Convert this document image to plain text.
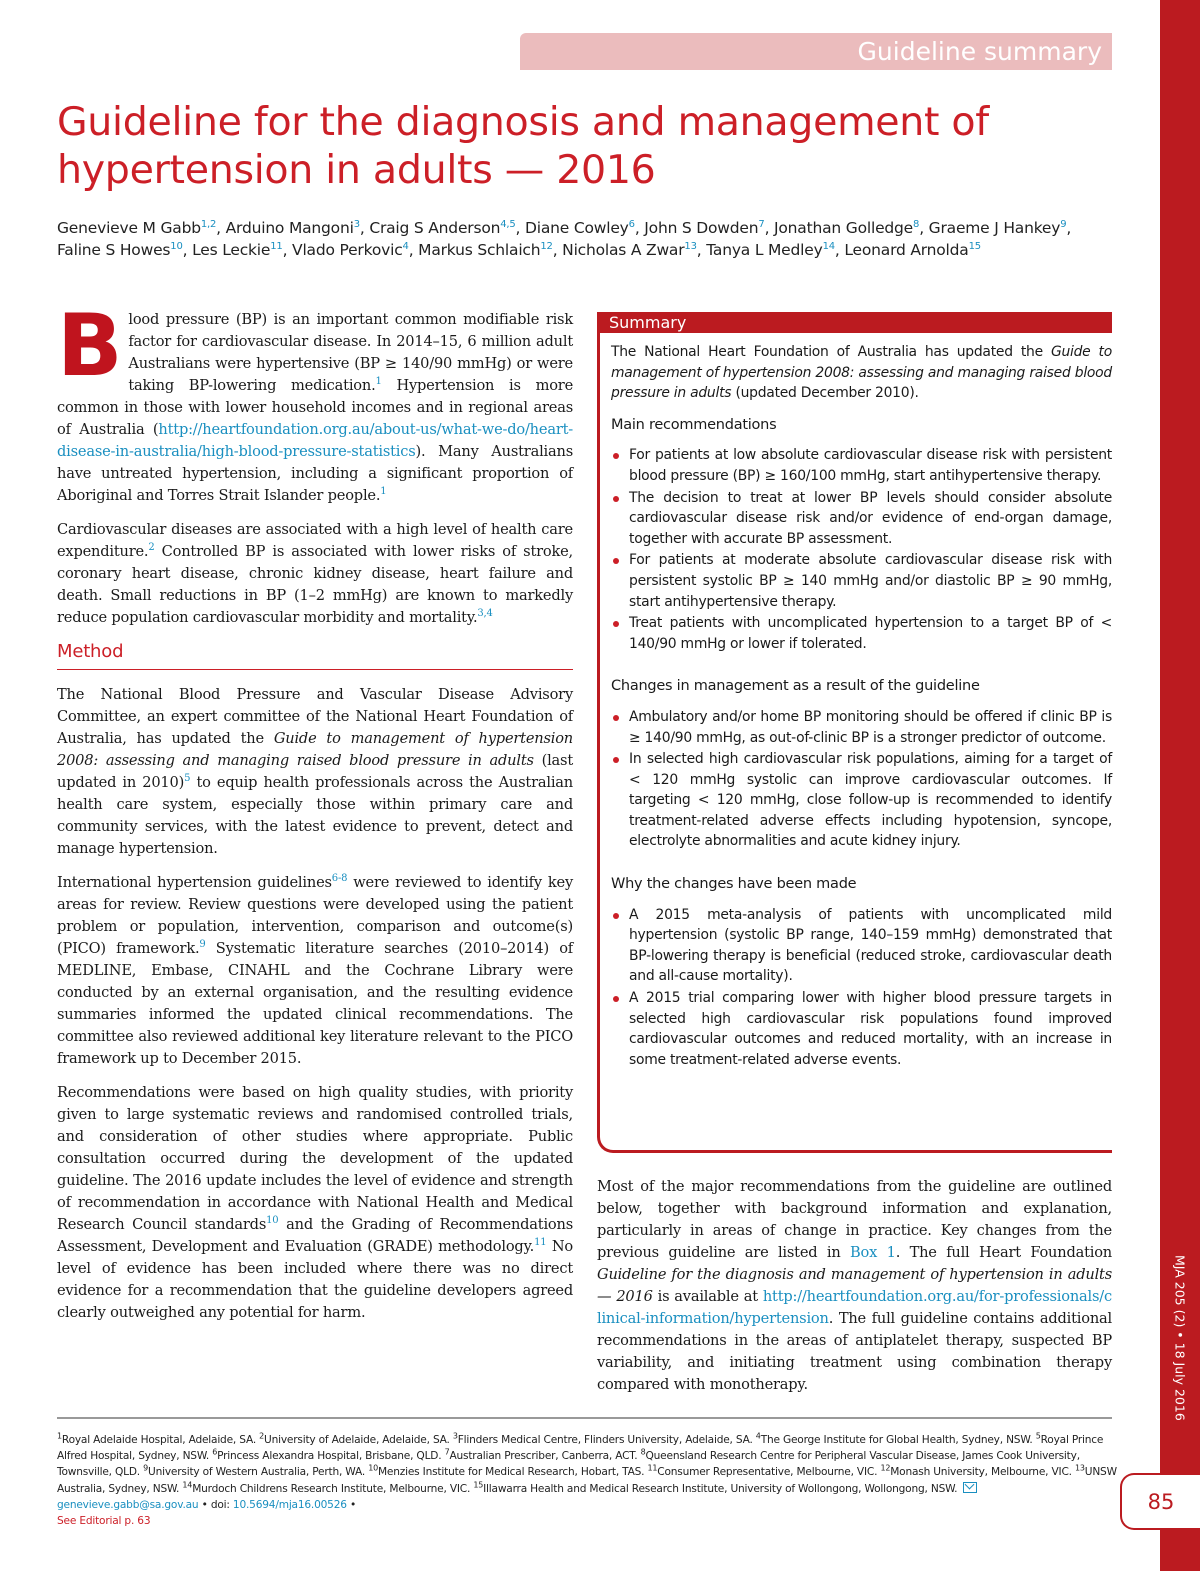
Guideline summary
MJA 205 (2) • 18 July 2016
85
Guideline for the diagnosis and management of hypertension in adults — 2016
Genevieve M Gabb$^{1,2}$, Arduino Mangoni$^3$, Craig S Anderson$^{4,5}$, Diane Cowley$^6$, John S Dowden$^7$, Jonathan Golledge$^8$, Graeme J Hankey$^9$, Faline S Howes$^{10}$, Les Leckie$^{11}$, Vlado Perkovic$^4$, Markus Schlaich$^{12}$, Nicholas A Zwar$^{13}$, Tanya L Medley$^{14}$, Leonard Arnolda$^{15}$

Blood pressure (BP) is an important common modifiable risk factor for cardiovascular disease. In 2014–15, 6 million adult Australians were hypertensive (BP ≥ 140/90 mmHg) or were taking BP-lowering medication.$^1$ Hypertension is more common in those with lower household incomes and in regional areas of Australia (http://heartfoundation.org.au/about-us/what-we-do/heart-disease-in-australia/high-blood-pressure-statistics). Many Australians have untreated hypertension, including a significant proportion of Aboriginal and Torres Strait Islander people.$^1$

Cardiovascular diseases are associated with a high level of health care expenditure.$^2$ Controlled BP is associated with lower risks of stroke, coronary heart disease, chronic kidney disease, heart failure and death. Small reductions in BP (1–2 mmHg) are known to markedly reduce population cardiovascular morbidity and mortality.$^{3,4}$

Method

The National Blood Pressure and Vascular Disease Advisory Committee, an expert committee of the National Heart Foundation of Australia, has updated the Guide to management of hypertension 2008: assessing and managing raised blood pressure in adults (last updated in 2010)$^5$ to equip health professionals across the Australian health care system, especially those within primary care and community services, with the latest evidence to prevent, detect and manage hypertension.

International hypertension guidelines$^{6-8}$ were reviewed to identify key areas for review. Review questions were developed using the patient problem or population, intervention, comparison and outcome(s) (PICO) framework.$^9$ Systematic literature searches (2010–2014) of MEDLINE, Embase, CINAHL and the Cochrane Library were conducted by an external organisation, and the resulting evidence summaries informed the updated clinical recommendations. The committee also reviewed additional key literature relevant to the PICO framework up to December 2015.

Recommendations were based on high quality studies, with priority given to large systematic reviews and randomised controlled trials, and consideration of other studies where appropriate. Public consultation occurred during the development of the updated guideline. The 2016 update includes the level of evidence and strength of recommendation in accordance with National Health and Medical Research Council standards$^{10}$ and the Grading of Recommendations Assessment, Development and Evaluation (GRADE) methodology.$^{11}$ No level of evidence has been included where there was no direct evidence for a recommendation that the guideline developers agreed clearly outweighed any potential for harm.

Summary

The National Heart Foundation of Australia has updated the Guide to management of hypertension 2008: assessing and managing raised blood pressure in adults (updated December 2010).

Main recommendations
For patients at low absolute cardiovascular disease risk with persistent blood pressure (BP) ≥ 160/100 mmHg, start antihypertensive therapy.
The decision to treat at lower BP levels should consider absolute cardiovascular disease risk and/or evidence of end-organ damage, together with accurate BP assessment.
For patients at moderate absolute cardiovascular disease risk with persistent systolic BP ≥ 140 mmHg and/or diastolic BP ≥ 90 mmHg, start antihypertensive therapy.
Treat patients with uncomplicated hypertension to a target BP of < 140/90 mmHg or lower if tolerated.
Changes in management as a result of the guideline
Ambulatory and/or home BP monitoring should be offered if clinic BP is ≥ 140/90 mmHg, as out-of-clinic BP is a stronger predictor of outcome.
In selected high cardiovascular risk populations, aiming for a target of < 120 mmHg systolic can improve cardiovascular outcomes. If targeting < 120 mmHg, close follow-up is recommended to identify treatment-related adverse effects including hypotension, syncope, electrolyte abnormalities and acute kidney injury.
Why the changes have been made
A 2015 meta-analysis of patients with uncomplicated mild hypertension (systolic BP range, 140–159 mmHg) demonstrated that BP-lowering therapy is beneficial (reduced stroke, cardiovascular death and all-cause mortality).
A 2015 trial comparing lower with higher blood pressure targets in selected high cardiovascular risk populations found improved cardiovascular outcomes and reduced mortality, with an increase in some treatment-related adverse events.

Most of the major recommendations from the guideline are outlined below, together with background information and explanation, particularly in areas of change in practice. Key changes from the previous guideline are listed in Box 1. The full Heart Foundation Guideline for the diagnosis and management of hypertension in adults — 2016 is available at http://heartfoundation.org.au/for-professionals/clinical-information/hypertension. The full guideline contains additional recommendations in the areas of antiplatelet therapy, suspected BP variability, and initiating treatment using combination therapy compared with monotherapy.

$^1$Royal Adelaide Hospital, Adelaide, SA. $^2$University of Adelaide, Adelaide, SA. $^3$Flinders Medical Centre, Flinders University, Adelaide, SA. $^4$The George Institute for Global Health, Sydney, NSW. $^5$Royal Prince Alfred Hospital, Sydney, NSW. $^6$Princess Alexandra Hospital, Brisbane, QLD. $^7$Australian Prescriber, Canberra, ACT. $^8$Queensland Research Centre for Peripheral Vascular Disease, James Cook University, Townsville, QLD. $^9$University of Western Australia, Perth, WA. $^{10}$Menzies Institute for Medical Research, Hobart, TAS. $^{11}$Consumer Representative, Melbourne, VIC. $^{12}$Monash University, Melbourne, VIC. $^{13}$UNSW Australia, Sydney, NSW. $^{14}$Murdoch Childrens Research Institute, Melbourne, VIC. $^{15}$Illawarra Health and Medical Research Institute, University of Wollongong, Wollongong, NSW. genevieve.gabb@sa.gov.au • doi: 10.5694/mja16.00526 •
See Editorial p. 63
